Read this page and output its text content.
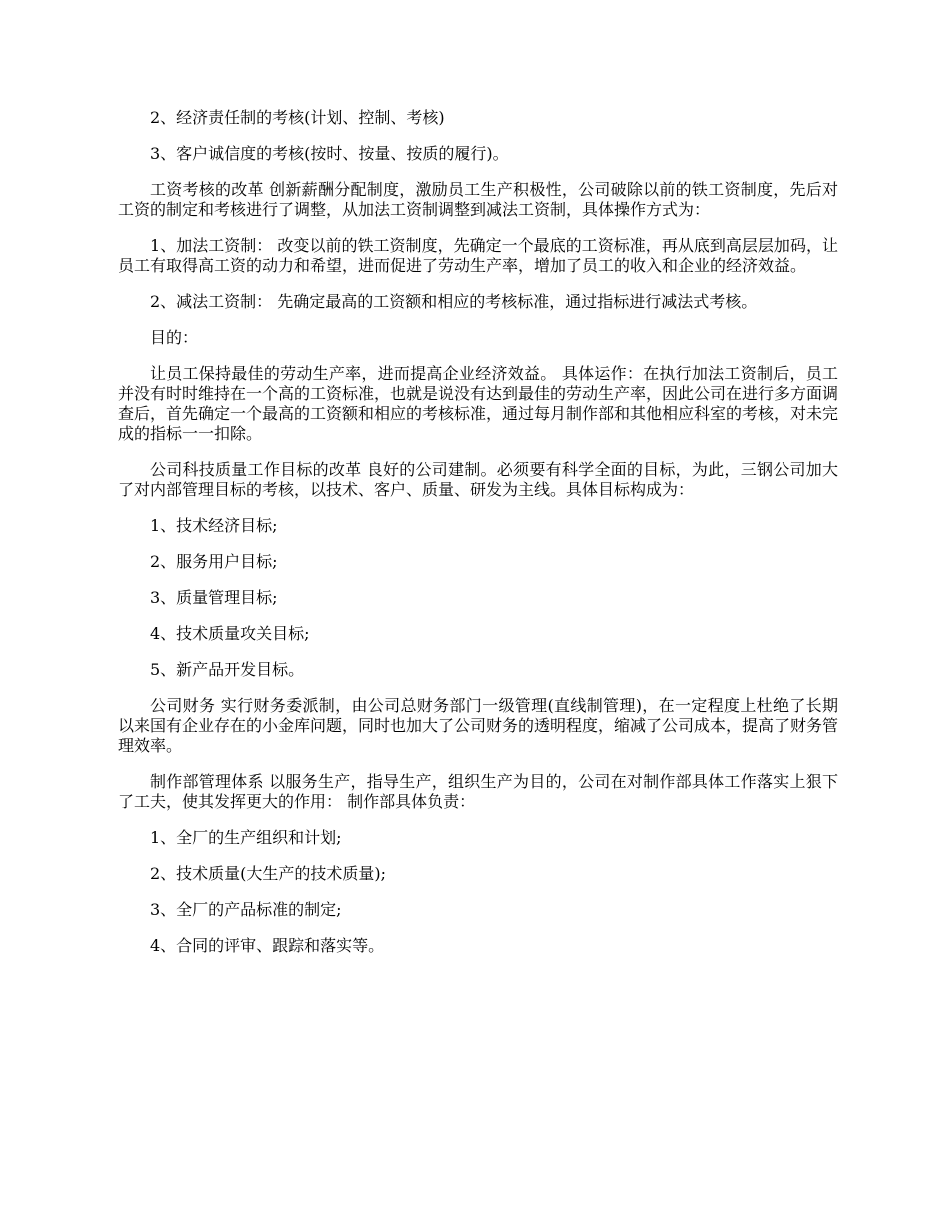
2、经济责任制的考核(计划、控制、考核)

3、客户诚信度的考核(按时、按量、按质的履行)。

工资考核的改革 创新薪酬分配制度，激励员工生产积极性，公司破除以前的铁工资制度，先后对工资的制定和考核进行了调整，从加法工资制调整到减法工资制，具体操作方式为：

1、加法工资制： 改变以前的铁工资制度，先确定一个最底的工资标准，再从底到高层层加码，让员工有取得高工资的动力和希望，进而促进了劳动生产率，增加了员工的收入和企业的经济效益。

2、减法工资制： 先确定最高的工资额和相应的考核标准，通过指标进行减法式考核。

目的：

让员工保持最佳的劳动生产率，进而提高企业经济效益。 具体运作：在执行加法工资制后，员工并没有时时维持在一个高的工资标准，也就是说没有达到最佳的劳动生产率，因此公司在进行多方面调查后，首先确定一个最高的工资额和相应的考核标准，通过每月制作部和其他相应科室的考核，对未完成的指标一一扣除。

公司科技质量工作目标的改革 良好的公司建制。必须要有科学全面的目标，为此，三钢公司加大了对内部管理目标的考核，以技术、客户、质量、研发为主线。具体目标构成为：

1、技术经济目标;

2、服务用户目标;

3、质量管理目标;

4、技术质量攻关目标;

5、新产品开发目标。

公司财务 实行财务委派制，由公司总财务部门一级管理(直线制管理)，在一定程度上杜绝了长期以来国有企业存在的小金库问题，同时也加大了公司财务的透明程度，缩减了公司成本，提高了财务管理效率。

制作部管理体系 以服务生产，指导生产，组织生产为目的，公司在对制作部具体工作落实上狠下了工夫，使其发挥更大的作用： 制作部具体负责：

1、全厂的生产组织和计划;

2、技术质量(大生产的技术质量);

3、全厂的产品标准的制定;

4、合同的评审、跟踪和落实等。
